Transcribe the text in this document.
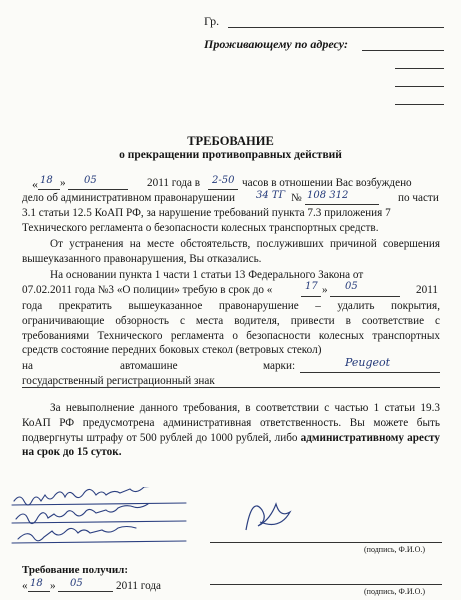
Гр.
Проживающему по адресу:
ТРЕБОВАНИЕ
о прекращении противоправных действий
« 18 » 05	2011 года в 2-50 часов в отношении Вас возбуждено
дело об административном правонарушении 34 ТГ № 108 312	по части
3.1 статьи 12.5 КоАП РФ, за нарушение требований пункта 7.3 приложения 7
Технического регламента о безопасности колесных транспортных средств.
От устранения на месте обстоятельств, послуживших причиной совершения вышеуказанного правонарушения, Вы отказались.
На основании пункта 1 части 1 статьи 13 Федерального Закона от
07.02.2011 года №3 «О полиции» требую в срок до «	17 » 05	2011
года прекратить вышеуказанное правонарушение – удалить покрытия, ограничивающие обзорность с места водителя, привести в соответствие с требованиями Технического регламента о безопасности колесных транспортных средств состояние передних боковых стекол (ветровых стекол)
на	автомашине	марки:	Peugeot
государственный регистрационный знак
За невыполнение данного требования, в соответствии с частью 1 статьи 19.3 КоАП РФ предусмотрена административная ответственность. Вы можете быть подвергнуты штрафу от 500 рублей до 1000 рублей, либо административному аресту на срок до 15 суток.
(подпись, Ф.И.О.)
Требование получил:
« 18 » 05	2011 года	(подпись, Ф.И.О.)
